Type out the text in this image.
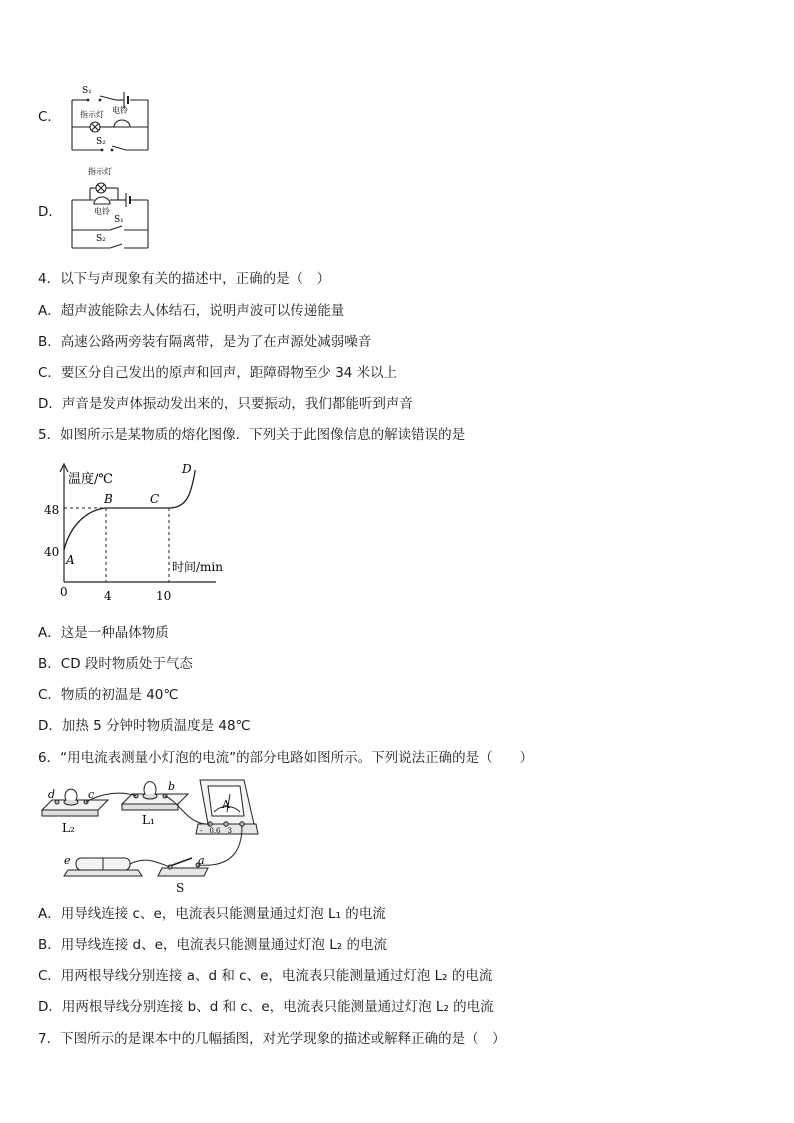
C．
S₁
指示灯 电铃
S₂
D．
指示灯
电铃
S₁
S₂
4．以下与声现象有关的描述中，正确的是（　）
A．超声波能除去人体结石，说明声波可以传递能量
B．高速公路两旁装有隔离带，是为了在声源处减弱噪音
C．要区分自己发出的原声和回声，距障碍物至少 34 米以上
D．声音是发声体振动发出来的，只要振动，我们都能听到声音
5．如图所示是某物质的熔化图像．下列关于此图像信息的解读错误的是
温度/℃
时间/min
0
48
40
4	10
A
B	C
D
A．这是一种晶体物质
B．CD 段时物质处于气态
C．物质的初温是 40℃
D．加热 5 分钟时物质温度是 48℃
6．“用电流表测量小灯泡的电流”的部分电路如图所示。下列说法正确的是（　　）
d	c
b
a
e
L₂
L₁
S
A
-　0.6　3
A．用导线连接 c、e，电流表只能测量通过灯泡 L₁ 的电流
B．用导线连接 d、e，电流表只能测量通过灯泡 L₂ 的电流
C．用两根导线分别连接 a、d 和 c、e，电流表只能测量通过灯泡 L₂ 的电流
D．用两根导线分别连接 b、d 和 c、e，电流表只能测量通过灯泡 L₂ 的电流
7．下图所示的是课本中的几幅插图，对光学现象的描述或解释正确的是（　）
